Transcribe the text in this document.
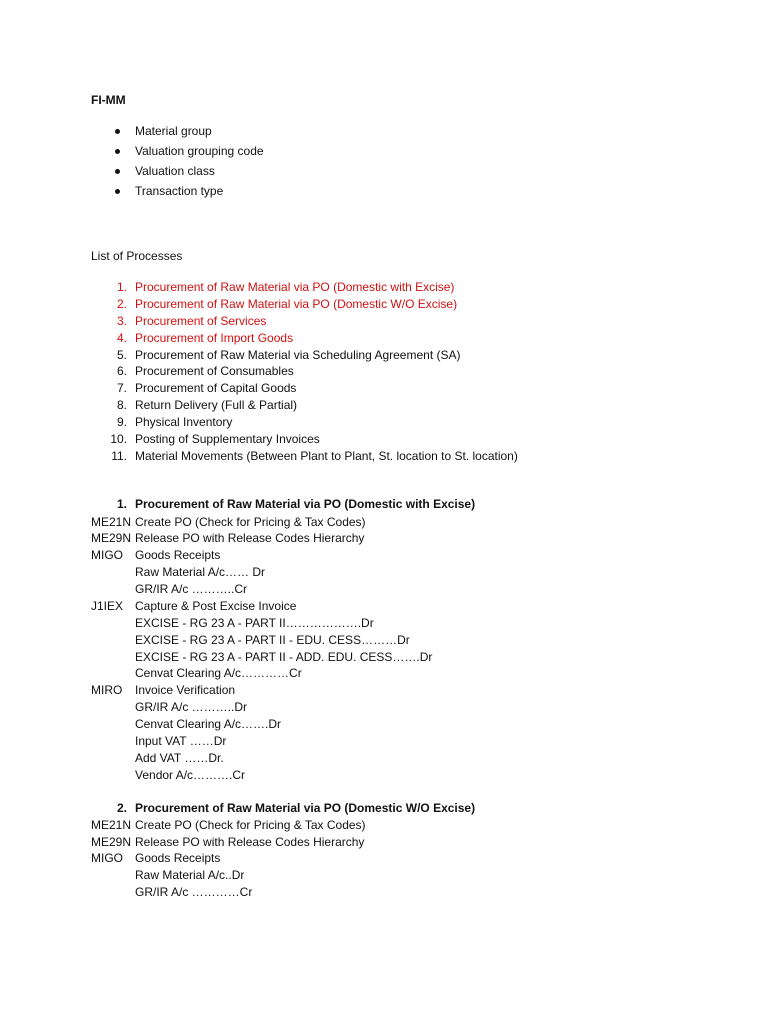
FI-MM
Material group
Valuation grouping code
Valuation class
Transaction type
List of Processes
1. Procurement of Raw Material via PO (Domestic with Excise)
2. Procurement of Raw Material via PO (Domestic W/O Excise)
3. Procurement of Services
4. Procurement of Import Goods
5. Procurement of Raw Material via Scheduling Agreement (SA)
6. Procurement of Consumables
7. Procurement of Capital Goods
8. Return Delivery (Full & Partial)
9. Physical Inventory
10. Posting of Supplementary Invoices
11. Material Movements (Between Plant to Plant, St. location to St. location)
1. Procurement of Raw Material via PO (Domestic with Excise)
ME21N Create PO (Check for Pricing & Tax Codes)
ME29N Release PO with Release Codes Hierarchy
MIGO Goods Receipts
Raw Material A/c…… Dr
GR/IR A/c ………..Cr
J1IEX Capture & Post Excise Invoice
EXCISE - RG 23 A - PART II……………….Dr
EXCISE - RG 23 A - PART II - EDU. CESS………Dr
EXCISE - RG 23 A - PART II - ADD. EDU. CESS…….Dr
Cenvat Clearing A/c…………Cr
MIRO Invoice Verification
GR/IR A/c ………..Dr
Cenvat Clearing A/c…….Dr
Input VAT ……Dr
Add VAT ……Dr.
Vendor A/c……….Cr
2. Procurement of Raw Material via PO (Domestic W/O Excise)
ME21N Create PO (Check for Pricing & Tax Codes)
ME29N Release PO with Release Codes Hierarchy
MIGO Goods Receipts
Raw Material A/c..Dr
GR/IR A/c …………Cr
